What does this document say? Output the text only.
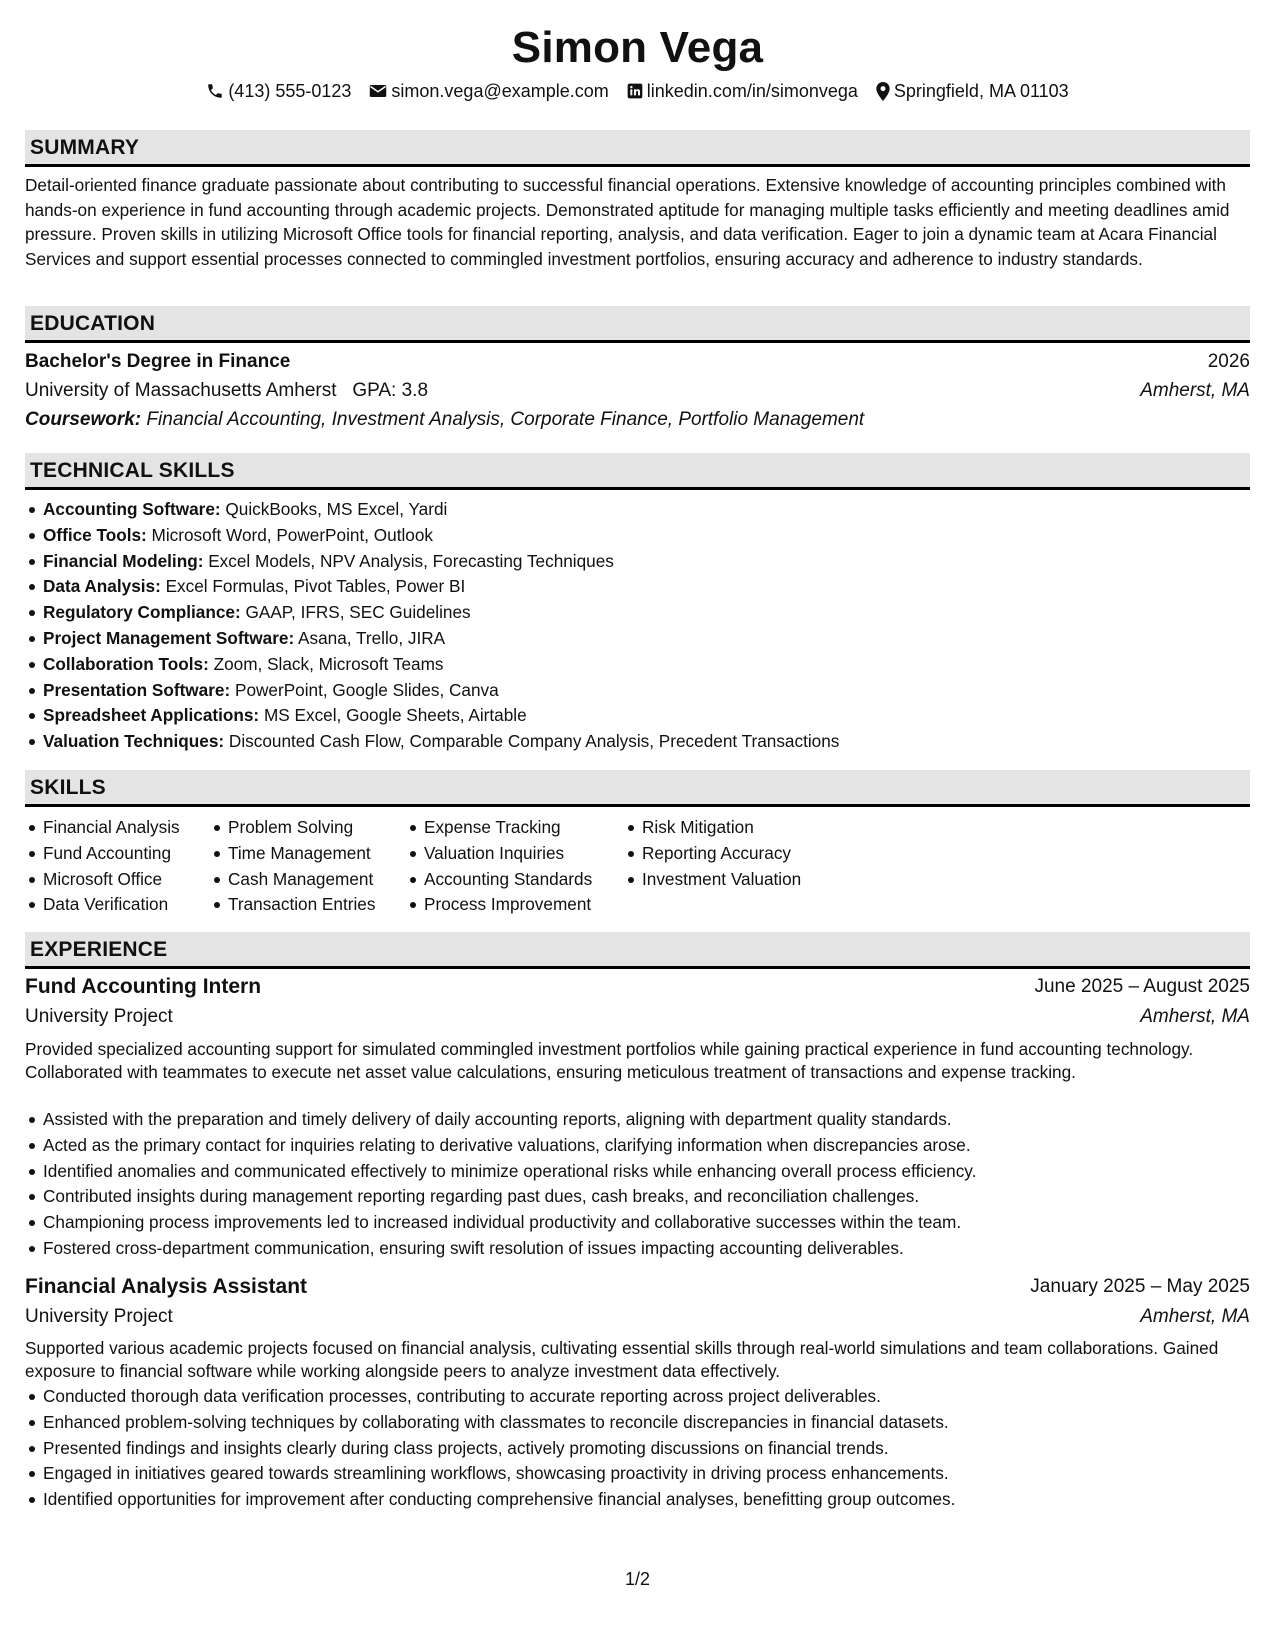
Simon Vega
(413) 555-0123 simon.vega@example.com linkedin.com/in/simonvega Springfield, MA 01103
SUMMARY
Detail-oriented finance graduate passionate about contributing to successful financial operations. Extensive knowledge of accounting principles combined with hands-on experience in fund accounting through academic projects. Demonstrated aptitude for managing multiple tasks efficiently and meeting deadlines amid pressure. Proven skills in utilizing Microsoft Office tools for financial reporting, analysis, and data verification. Eager to join a dynamic team at Acara Financial Services and support essential processes connected to commingled investment portfolios, ensuring accuracy and adherence to industry standards.
EDUCATION
Bachelor's Degree in Finance	2026
University of Massachusetts Amherst GPA: 3.8	Amherst, MA
Coursework: Financial Accounting, Investment Analysis, Corporate Finance, Portfolio Management
TECHNICAL SKILLS
Accounting Software: QuickBooks, MS Excel, Yardi
Office Tools: Microsoft Word, PowerPoint, Outlook
Financial Modeling: Excel Models, NPV Analysis, Forecasting Techniques
Data Analysis: Excel Formulas, Pivot Tables, Power BI
Regulatory Compliance: GAAP, IFRS, SEC Guidelines
Project Management Software: Asana, Trello, JIRA
Collaboration Tools: Zoom, Slack, Microsoft Teams
Presentation Software: PowerPoint, Google Slides, Canva
Spreadsheet Applications: MS Excel, Google Sheets, Airtable
Valuation Techniques: Discounted Cash Flow, Comparable Company Analysis, Precedent Transactions
SKILLS
Financial Analysis
Fund Accounting
Microsoft Office
Data Verification
Problem Solving
Time Management
Cash Management
Transaction Entries
Expense Tracking
Valuation Inquiries
Accounting Standards
Process Improvement
Risk Mitigation
Reporting Accuracy
Investment Valuation
EXPERIENCE
Fund Accounting Intern	June 2025 – August 2025
University Project	Amherst, MA
Provided specialized accounting support for simulated commingled investment portfolios while gaining practical experience in fund accounting technology. Collaborated with teammates to execute net asset value calculations, ensuring meticulous treatment of transactions and expense tracking.
Assisted with the preparation and timely delivery of daily accounting reports, aligning with department quality standards.
Acted as the primary contact for inquiries relating to derivative valuations, clarifying information when discrepancies arose.
Identified anomalies and communicated effectively to minimize operational risks while enhancing overall process efficiency.
Contributed insights during management reporting regarding past dues, cash breaks, and reconciliation challenges.
Championing process improvements led to increased individual productivity and collaborative successes within the team.
Fostered cross-department communication, ensuring swift resolution of issues impacting accounting deliverables.
Financial Analysis Assistant	January 2025 – May 2025
University Project	Amherst, MA
Supported various academic projects focused on financial analysis, cultivating essential skills through real-world simulations and team collaborations. Gained exposure to financial software while working alongside peers to analyze investment data effectively.
Conducted thorough data verification processes, contributing to accurate reporting across project deliverables.
Enhanced problem-solving techniques by collaborating with classmates to reconcile discrepancies in financial datasets.
Presented findings and insights clearly during class projects, actively promoting discussions on financial trends.
Engaged in initiatives geared towards streamlining workflows, showcasing proactivity in driving process enhancements.
Identified opportunities for improvement after conducting comprehensive financial analyses, benefitting group outcomes.
1/2
